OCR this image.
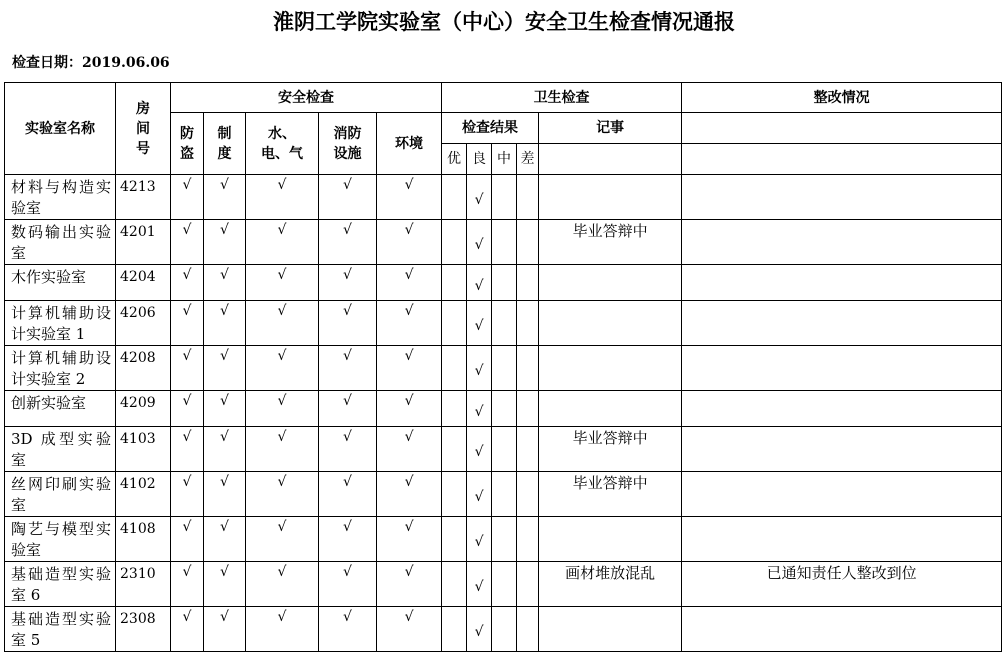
淮阴工学院实验室（中心）安全卫生检查情况通报
检查日期：2019.06.06
实验室名称	房间号	安全检查					卫生检查					整改情况
		防盗	制度	水、电、气	消防设施	环境	检查结果				记事	
							优	良	中	差		
材料与构造实验室	4213	√	√	√	√	√		√				
数码输出实验室	4201	√	√	√	√	√		√			毕业答辩中	
木作实验室	4204	√	√	√	√	√		√				
计算机辅助设计实验室 1	4206	√	√	√	√	√		√				
计算机辅助设计实验室 2	4208	√	√	√	√	√		√				
创新实验室	4209	√	√	√	√	√		√				
3D 成型实验室	4103	√	√	√	√	√		√			毕业答辩中	
丝网印刷实验室	4102	√	√	√	√	√		√			毕业答辩中	
陶艺与模型实验室	4108	√	√	√	√	√		√				
基础造型实验室 6	2310	√	√	√	√	√		√			画材堆放混乱	已通知责任人整改到位
基础造型实验室 5	2308	√	√	√	√	√		√				
